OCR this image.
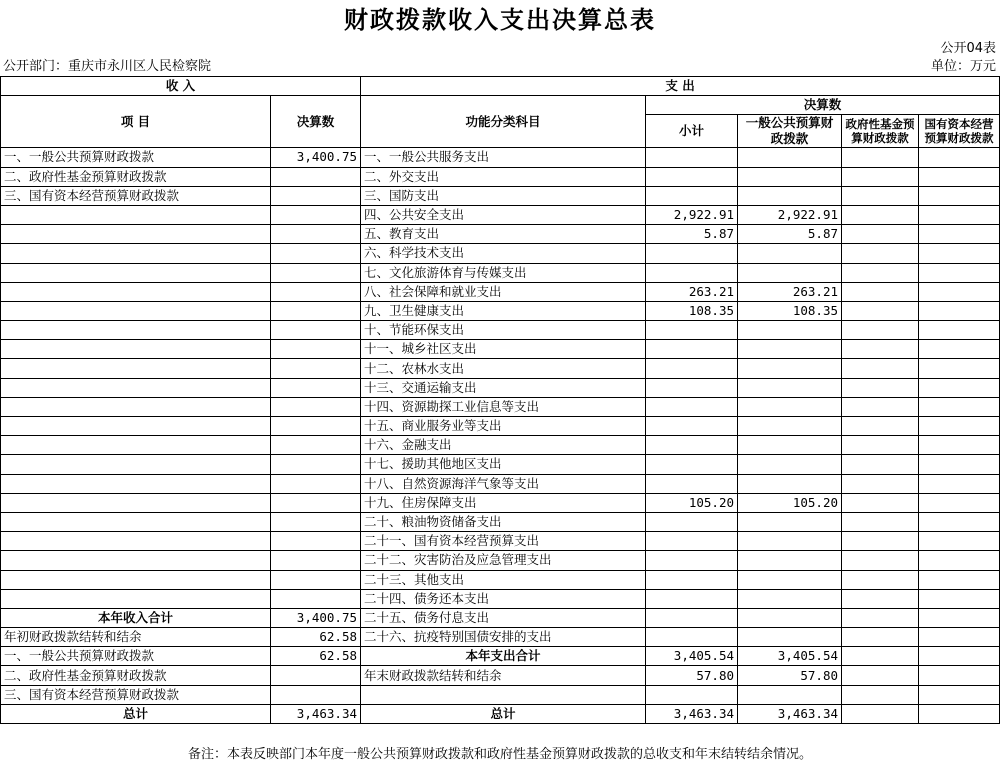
财政拨款收入支出决算总表
公开04表
公开部门：重庆市永川区人民检察院	单位：万元
收 入		支 出				
项 目	决算数	功能分类科目	决算数			
			小计	一般公共预算财政拨款	政府性基金预算财政拨款	国有资本经营预算财政拨款

一、一般公共预算财政拨款	3,400.75	一、一般公共服务支出				
二、政府性基金预算财政拨款		二、外交支出				
三、国有资本经营预算财政拨款		三、国防支出				
		四、公共安全支出	2,922.91	2,922.91		
		五、教育支出	5.87	5.87		
		六、科学技术支出				
		七、文化旅游体育与传媒支出				
		八、社会保障和就业支出	263.21	263.21		
		九、卫生健康支出	108.35	108.35		
		十、节能环保支出				
		十一、城乡社区支出				
		十二、农林水支出				
		十三、交通运输支出				
		十四、资源勘探工业信息等支出				
		十五、商业服务业等支出				
		十六、金融支出				
		十七、援助其他地区支出				
		十八、自然资源海洋气象等支出				
		十九、住房保障支出	105.20	105.20		
		二十、粮油物资储备支出				
		二十一、国有资本经营预算支出				
		二十二、灾害防治及应急管理支出				
		二十三、其他支出				
		二十四、债务还本支出				
本年收入合计	3,400.75	二十五、债务付息支出				
年初财政拨款结转和结余	62.58	二十六、抗疫特别国债安排的支出				
一、一般公共预算财政拨款	62.58	本年支出合计	3,405.54	3,405.54		
二、政府性基金预算财政拨款		年末财政拨款结转和结余	57.80	57.80		
三、国有资本经营预算财政拨款						
总计	3,463.34	总计	3,463.34	3,463.34		
备注：本表反映部门本年度一般公共预算财政拨款和政府性基金预算财政拨款的总收支和年末结转结余情况。
